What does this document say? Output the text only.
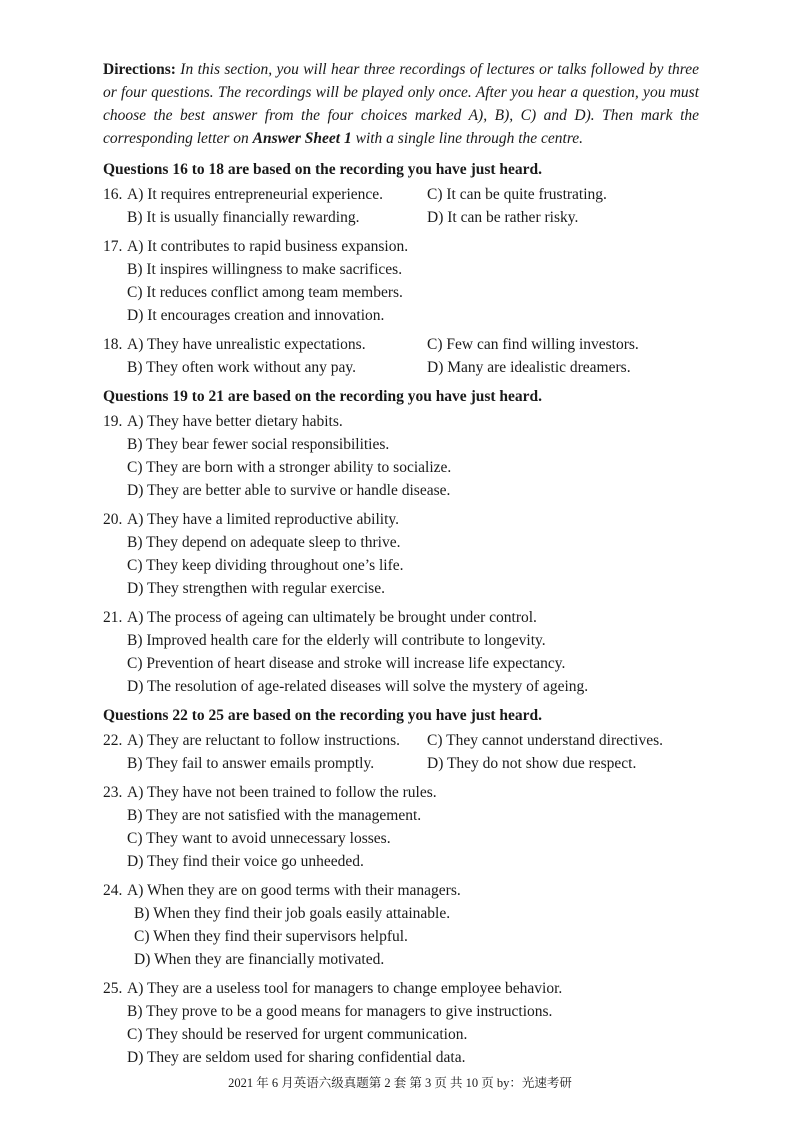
Directions: In this section, you will hear three recordings of lectures or talks followed by three or four questions. The recordings will be played only once. After you hear a question, you must choose the best answer from the four choices marked A), B), C) and D). Then mark the corresponding letter on Answer Sheet 1 with a single line through the centre.

Questions 16 to 18 are based on the recording you have just heard.
16. A) It requires entrepreneurial experience.	C) It can be quite frustrating.
B) It is usually financially rewarding.	D) It can be rather risky.
17. A) It contributes to rapid business expansion.
B) It inspires willingness to make sacrifices.
C) It reduces conflict among team members.
D) It encourages creation and innovation.
18. A) They have unrealistic expectations.	C) Few can find willing investors.
B) They often work without any pay.	D) Many are idealistic dreamers.
Questions 19 to 21 are based on the recording you have just heard.
19. A) They have better dietary habits.
B) They bear fewer social responsibilities.
C) They are born with a stronger ability to socialize.
D) They are better able to survive or handle disease.
20. A) They have a limited reproductive ability.
B) They depend on adequate sleep to thrive.
C) They keep dividing throughout one’s life.
D) They strengthen with regular exercise.
21. A) The process of ageing can ultimately be brought under control.
B) Improved health care for the elderly will contribute to longevity.
C) Prevention of heart disease and stroke will increase life expectancy.
D) The resolution of age-related diseases will solve the mystery of ageing.
Questions 22 to 25 are based on the recording you have just heard.
22. A) They are reluctant to follow instructions.	C) They cannot understand directives.
B) They fail to answer emails promptly.	D) They do not show due respect.
23. A) They have not been trained to follow the rules.
B) They are not satisfied with the management.
C) They want to avoid unnecessary losses.
D) They find their voice go unheeded.
24. A) When they are on good terms with their managers.
B) When they find their job goals easily attainable.
C) When they find their supervisors helpful.
D) When they are financially motivated.
25. A) They are a useless tool for managers to change employee behavior.
B) They prove to be a good means for managers to give instructions.
C) They should be reserved for urgent communication.
D) They are seldom used for sharing confidential data.
2021 年 6 月英语六级真题第 2 套 第 3 页 共 10 页 by：光速考研
